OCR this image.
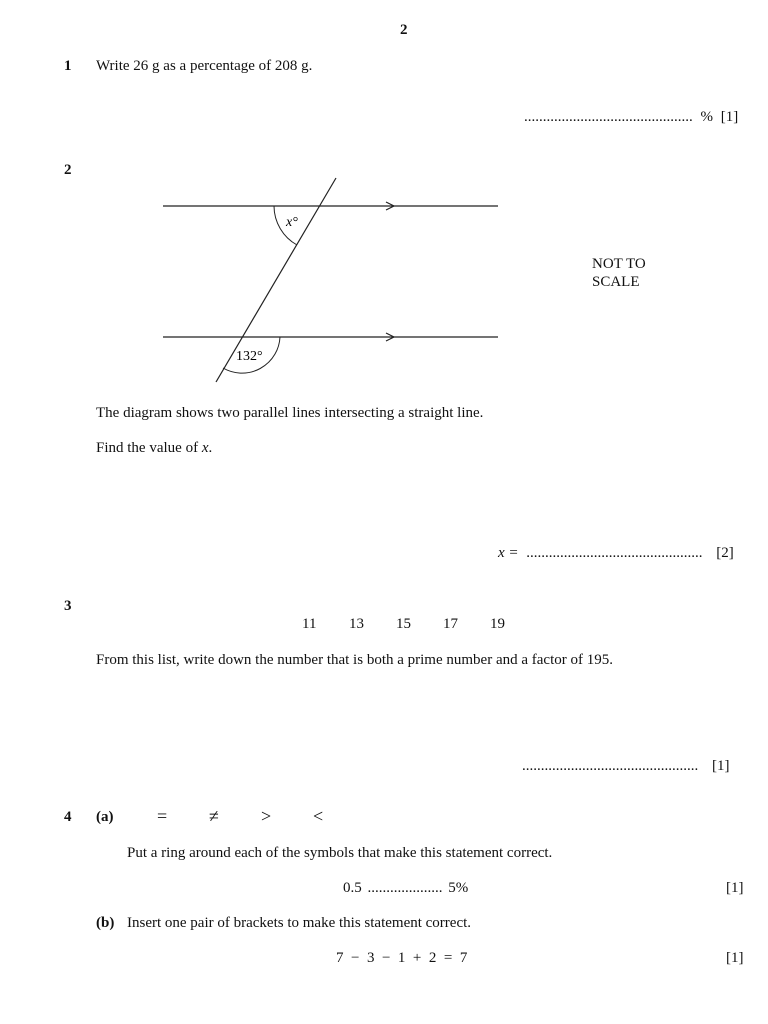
2
1 Write 26 g as a percentage of 208 g.
............................................. % [1]
2
x°
132°
NOT TO
SCALE
The diagram shows two parallel lines intersecting a straight line.
Find the value of x.
x = ............................................... [2]
3
11 13 15 17 19
From this list, write down the number that is both a prime number and a factor of 195.
............................................... [1]
4 (a) = ≠ > <
Put a ring around each of the symbols that make this statement correct.
0.5 .................... 5%	[1]
(b) Insert one pair of brackets to make this statement correct.
7  −  3  −  1  +  2  =  7	[1]
